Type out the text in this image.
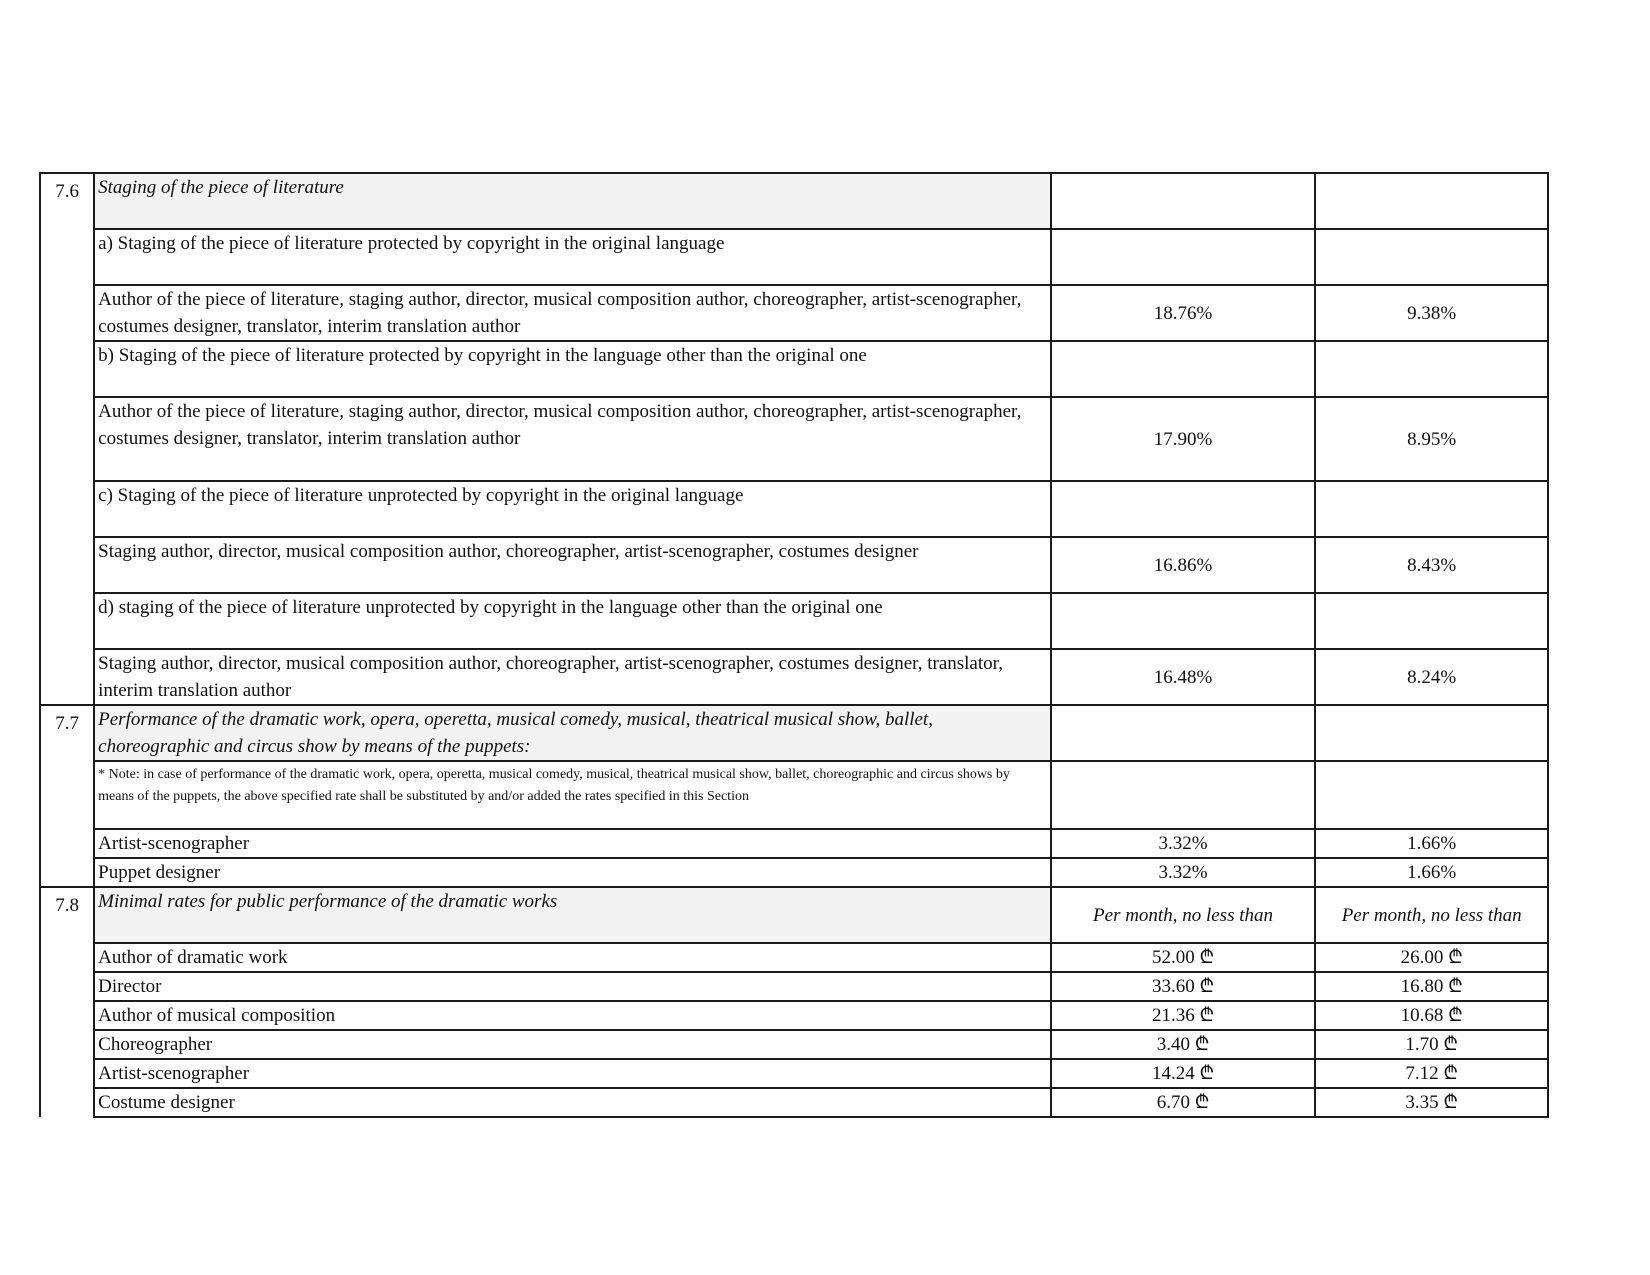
7.6	Staging of the piece of literature		
	a) Staging of the piece of literature protected by copyright in the original language		
	Author of the piece of literature, staging author, director, musical composition author, choreographer, artist-scenographer, costumes designer, translator, interim translation author	18.76%	9.38%
	b) Staging of the piece of literature protected by copyright in the language other than the original one		
	Author of the piece of literature, staging author, director, musical composition author, choreographer, artist-scenographer, costumes designer, translator, interim translation author	17.90%	8.95%
	c) Staging of the piece of literature unprotected by copyright in the original language		
	Staging author, director, musical composition author, choreographer, artist-scenographer, costumes designer	16.86%	8.43%
	d) staging of the piece of literature unprotected by copyright in the language other than the original one		
	Staging author, director, musical composition author, choreographer, artist-scenographer, costumes designer, translator, interim translation author	16.48%	8.24%
7.7	Performance of the dramatic work, opera, operetta, musical comedy, musical, theatrical musical show, ballet, choreographic and circus show by means of the puppets:		
	* Note: in case of performance of the dramatic work, opera, operetta, musical comedy, musical, theatrical musical show, ballet, choreographic and circus shows by means of the puppets, the above specified rate shall be substituted by and/or added the rates specified in this Section		
	Artist-scenographer	3.32%	1.66%
	Puppet designer	3.32%	1.66%
7.8	Minimal rates for public performance of the dramatic works	Per month, no less than	Per month, no less than
	Author of dramatic work	52.00 ₾	26.00 ₾
	Director	33.60 ₾	16.80 ₾
	Author of musical composition	21.36 ₾	10.68 ₾
	Choreographer	3.40 ₾	1.70 ₾
	Artist-scenographer	14.24 ₾	7.12 ₾
	Costume designer	6.70 ₾	3.35 ₾
